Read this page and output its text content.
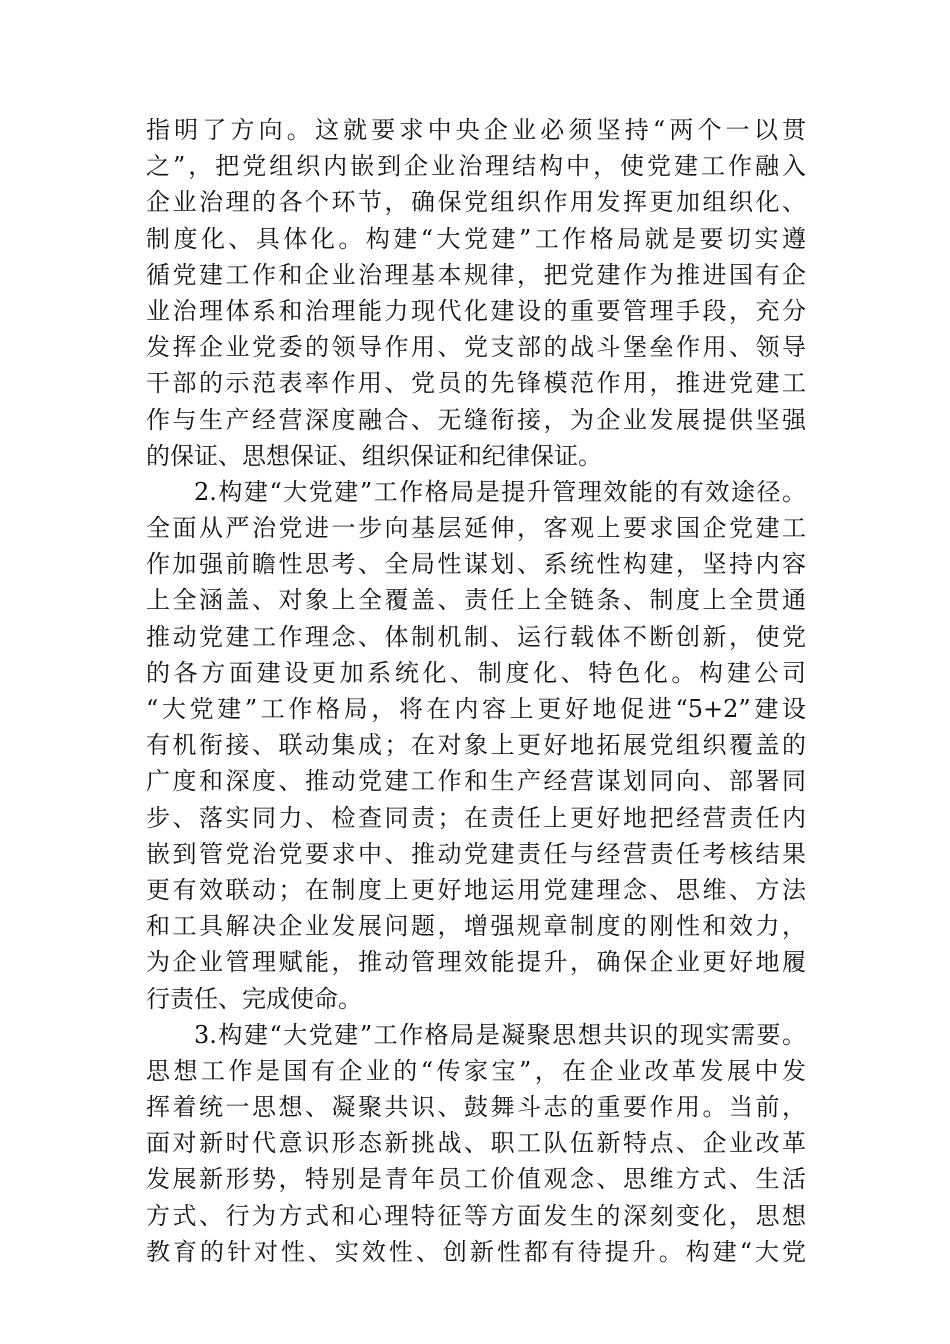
指明了方向。这就要求中央企业必须坚持“两个一以贯
之”，把党组织内嵌到企业治理结构中，使党建工作融入
企业治理的各个环节，确保党组织作用发挥更加组织化、
制度化、具体化。构建“大党建”工作格局就是要切实遵
循党建工作和企业治理基本规律，把党建作为推进国有企
业治理体系和治理能力现代化建设的重要管理手段，充分
发挥企业党委的领导作用、党支部的战斗堡垒作用、领导
干部的示范表率作用、党员的先锋模范作用，推进党建工
作与生产经营深度融合、无缝衔接，为企业发展提供坚强
的保证、思想保证、组织保证和纪律保证。
2.构建“大党建”工作格局是提升管理效能的有效途径。
全面从严治党进一步向基层延伸，客观上要求国企党建工
作加强前瞻性思考、全局性谋划、系统性构建，坚持内容
上全涵盖、对象上全覆盖、责任上全链条、制度上全贯通
推动党建工作理念、体制机制、运行载体不断创新，使党
的各方面建设更加系统化、制度化、特色化。构建公司
“大党建”工作格局，将在内容上更好地促进“5+2”建设
有机衔接、联动集成；在对象上更好地拓展党组织覆盖的
广度和深度、推动党建工作和生产经营谋划同向、部署同
步、落实同力、检查同责；在责任上更好地把经营责任内
嵌到管党治党要求中、推动党建责任与经营责任考核结果
更有效联动；在制度上更好地运用党建理念、思维、方法
和工具解决企业发展问题，增强规章制度的刚性和效力，
为企业管理赋能，推动管理效能提升，确保企业更好地履
行责任、完成使命。
3.构建“大党建”工作格局是凝聚思想共识的现实需要。
思想工作是国有企业的“传家宝”，在企业改革发展中发
挥着统一思想、凝聚共识、鼓舞斗志的重要作用。当前，
面对新时代意识形态新挑战、职工队伍新特点、企业改革
发展新形势，特别是青年员工价值观念、思维方式、生活
方式、行为方式和心理特征等方面发生的深刻变化，思想
教育的针对性、实效性、创新性都有待提升。构建“大党
